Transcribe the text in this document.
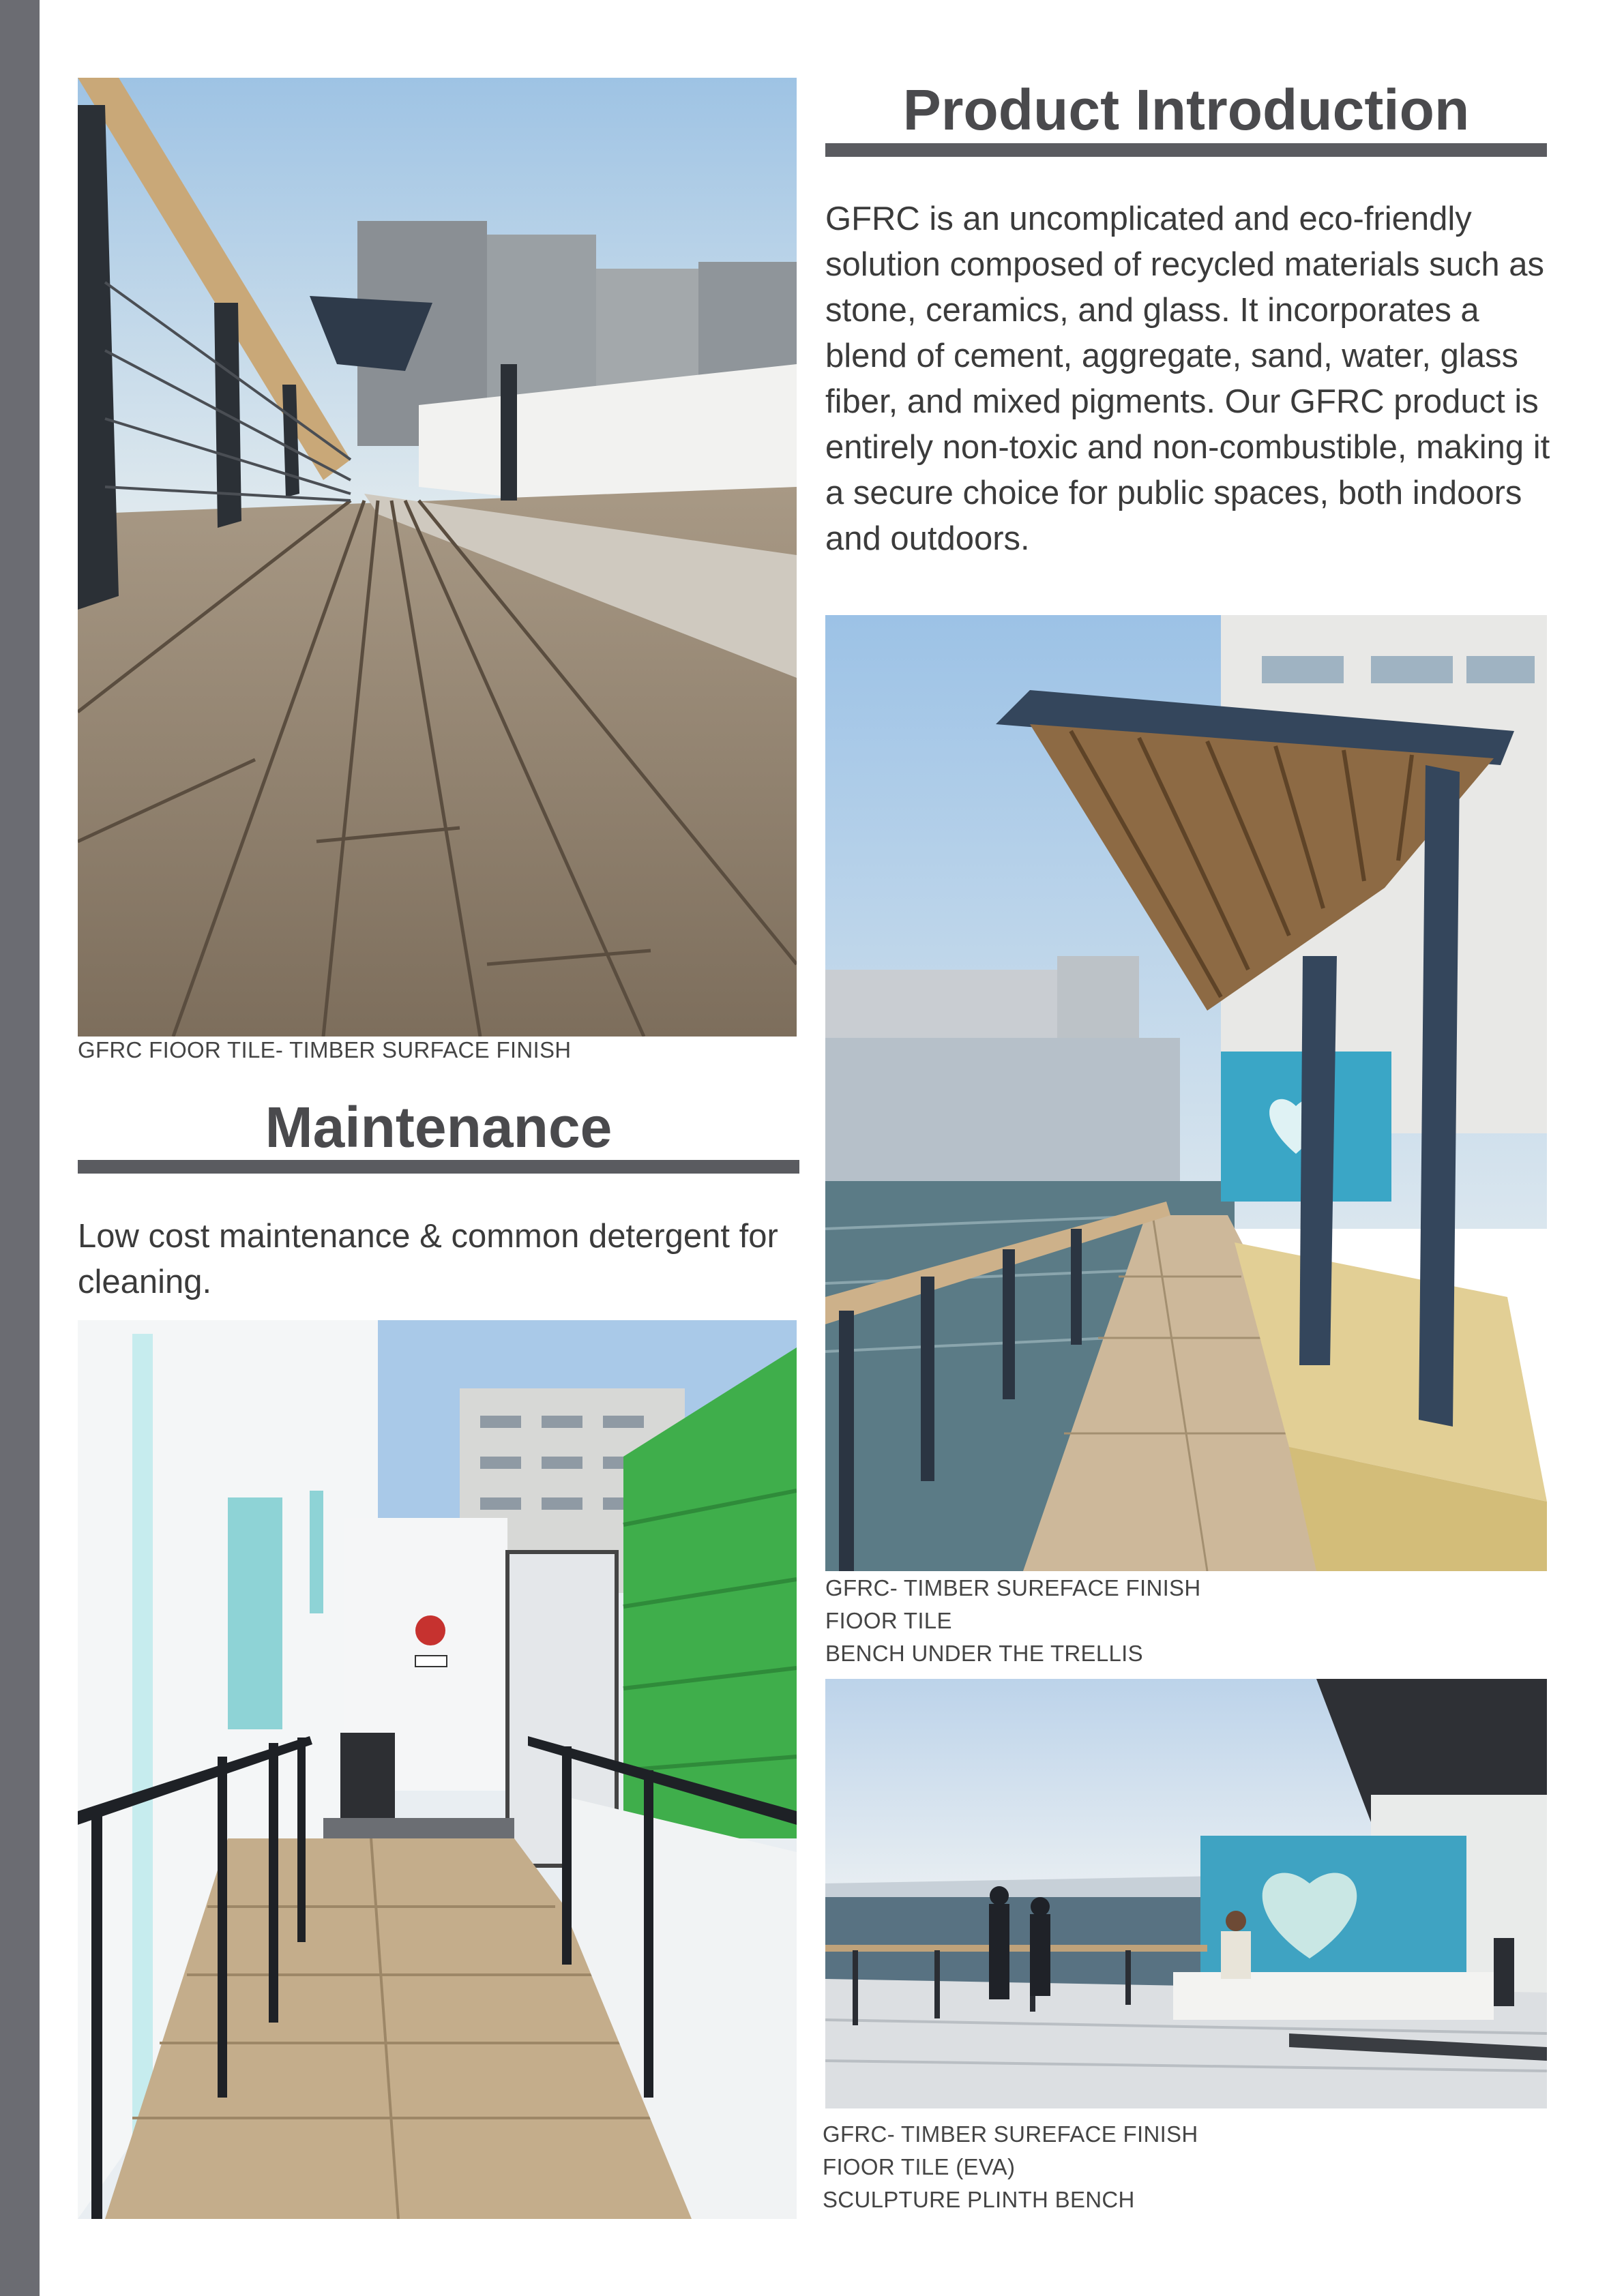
GFRC FIOOR TILE- TIMBER SURFACE FINISH
Maintenance

Low cost maintenance & common detergent for cleaning.

Product Introduction

GFRC is an uncomplicated and eco-friendly solution composed of recycled materials such as stone, ceramics, and glass. It incorporates a blend of cement, aggregate, sand, water, glass fiber, and mixed pigments. Our GFRC product is entirely non-toxic and non-combustible, making it a secure choice for public spaces, both indoors and outdoors.

GFRC- TIMBER SUREFACE FINISH
FIOOR TILE
BENCH UNDER THE TRELLIS
GFRC- TIMBER SUREFACE FINISH
FIOOR TILE (EVA)
SCULPTURE PLINTH BENCH
